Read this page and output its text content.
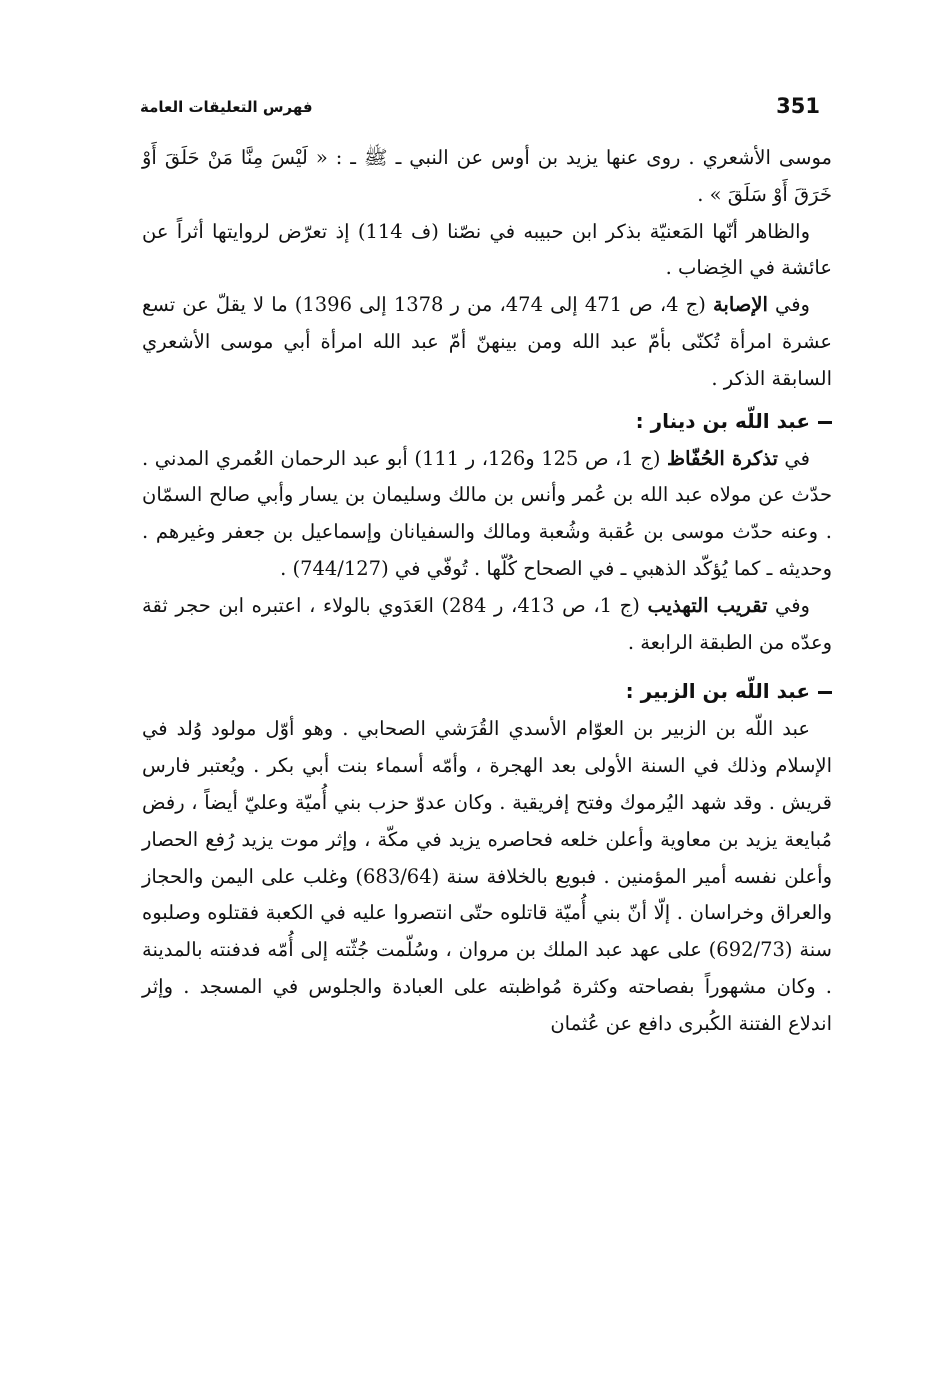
351
فهرس التعليقات العامة

موسى الأشعري . روى عنها يزيد بن أوس عن النبي ـ ﷺ ـ : « لَيْسَ مِنَّا مَنْ حَلَقَ أَوْ خَرَقَ أَوْ سَلَقَ » .

والظاهر أنّها المَعنيّة بذكر ابن حبيبه في نصّنا (ف 114) إذ تعرّض لروايتها أثراً عن عائشة في الخِضاب .

وفي الإصابة (ج 4، ص 471 إلى 474، من ر 1378 إلى 1396) ما لا يقلّ عن تسع عشرة امرأة تُكنّى بأمّ عبد الله ومن بينهنّ أمّ عبد الله امرأة أبي موسى الأشعري السابقة الذكر .

عبد اللّه بن دينار :

في تذكرة الحُفّاظ (ج 1، ص 125 و126، ر 111) أبو عبد الرحمان العُمري المدني . حدّث عن مولاه عبد الله بن عُمر وأنس بن مالك وسليمان بن يسار وأبي صالح السمّان . وعنه حدّث موسى بن عُقبة وشُعبة ومالك والسفيانان وإسماعيل بن جعفر وغيرهم . وحديثه ـ كما يُؤكّد الذهبي ـ في الصحاح كُلّها . تُوفّي في (744/127) .

وفي تقريب التهذيب (ج 1، ص 413، ر 284) العَدَوي بالولاء ، اعتبره ابن حجر ثقة وعدّه من الطبقة الرابعة .

عبد اللّه بن الزبير :

عبد اللّه بن الزبير بن العوّام الأسدي القُرَشي الصحابي . وهو أوّل مولود وُلد في الإسلام وذلك في السنة الأولى بعد الهجرة ، وأمّه أسماء بنت أبي بكر . ويُعتبر فارس قريش . وقد شهد اليُرموك وفتح إفريقية . وكان عدوّ حزب بني أُميّة وعليّ أيضاً ، رفض مُبايعة يزيد بن معاوية وأعلن خلعه فحاصره يزيد في مكّة ، وإثر موت يزيد رُفع الحصار وأعلن نفسه أمير المؤمنين . فبويع بالخلافة سنة (683/64) وغلب على اليمن والحجاز والعراق وخراسان . إلّا أنّ بني أُميّة قاتلوه حتّى انتصروا عليه في الكعبة فقتلوه وصلبوه سنة (692/73) على عهد عبد الملك بن مروان ، وسُلّمت جُثّته إلى أُمّه فدفنته بالمدينة . وكان مشهوراً بفصاحته وكثرة مُواظبته على العبادة والجلوس في المسجد . وإثر اندلاع الفتنة الكُبرى دافع عن عُثمان
